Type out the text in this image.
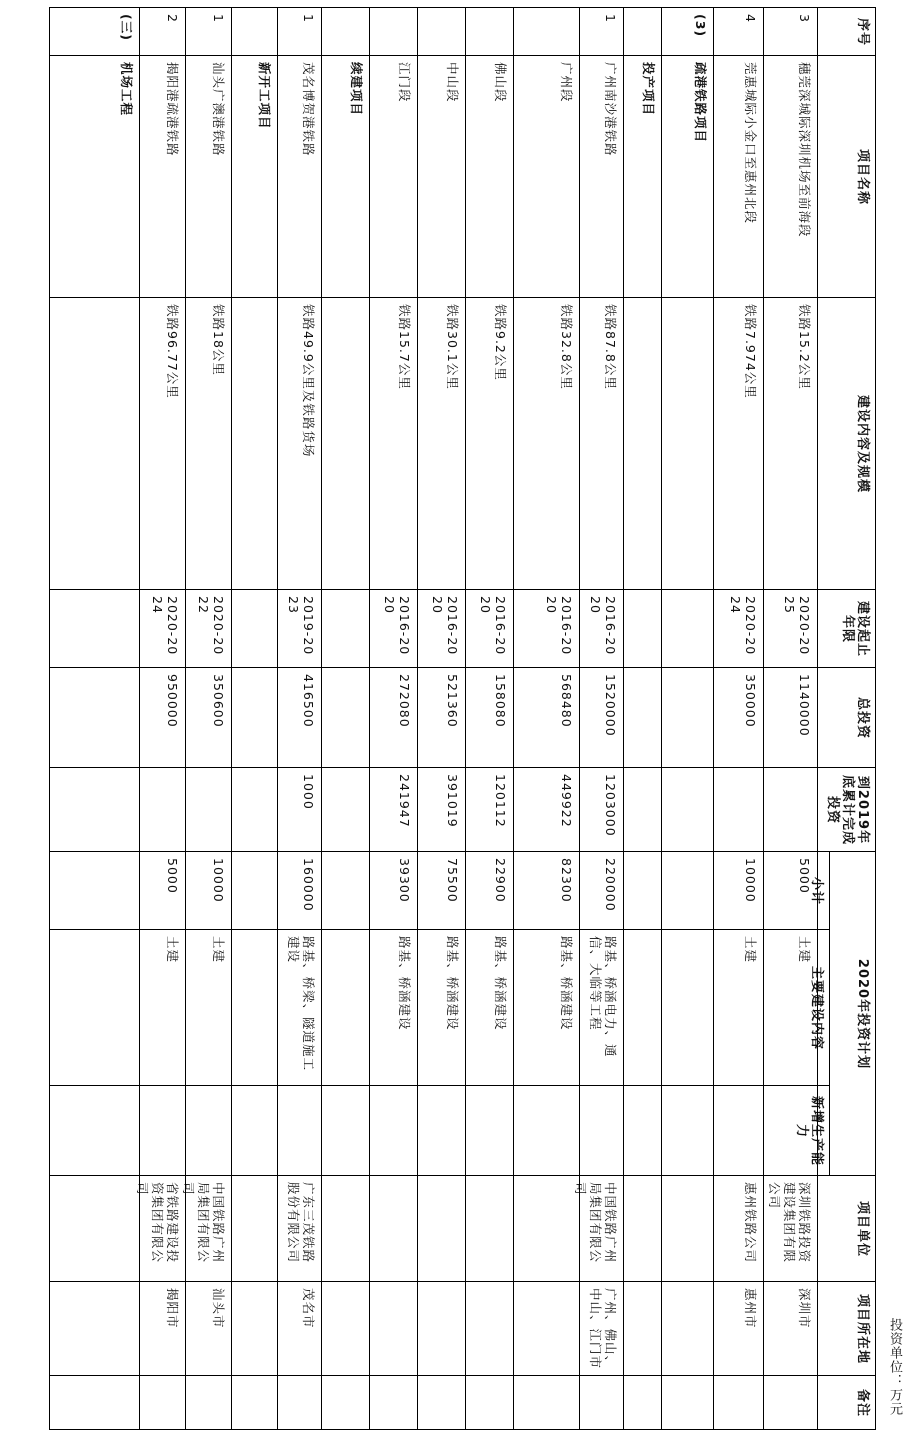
投资单位：万元
序号
项目名称
建设内容及规模
建设起止年限
总投资
到2019年底累计完成投资
2020年投资计划
小计
主要建设内容
新增生产能力
项目单位
项目所在地
备注
3
穗莞深城际深圳机场至前海段
铁路15.2公里
2020-2025
1140000
5000
土建
深圳铁路投资建设集团有限公司
深圳市
4
莞惠城际小金口至惠州北段
铁路7.974公里
2020-2024
350000
10000
土建
惠州铁路公司
惠州市
(3)
疏港铁路项目
投产项目
1
广州南沙港铁路
铁路87.8公里
2016-2020
1520000
1203000
220000
路基、桥涵电力、通信、大临等工程
中国铁路广州局集团有限公司
广州、佛山、中山、江门市
广州段
铁路32.8公里
2016-2020
568480
449922
82300
路基、桥涵建设
佛山段
铁路9.2公里
2016-2020
158080
120112
22900
路基、桥涵建设
中山段
铁路30.1公里
2016-2020
521360
391019
75500
路基、桥涵建设
江门段
铁路15.7公里
2016-2020
272080
241947
39300
路基、桥涵建设
续建项目
1
茂名博贺港铁路
铁路49.9公里及铁路货场
2019-2023
416500
1000
160000
路基、桥梁、隧道施工建设
广东三茂铁路股份有限公司
茂名市
新开工项目
1
汕头广澳港铁路
铁路18公里
2020-2022
350600
10000
土建
中国铁路广州局集团有限公司
汕头市
2
揭阳港疏港铁路
铁路96.77公里
2020-2024
950000
5000
土建
省铁路建设投资集团有限公司
揭阳市
(三)
机场工程
